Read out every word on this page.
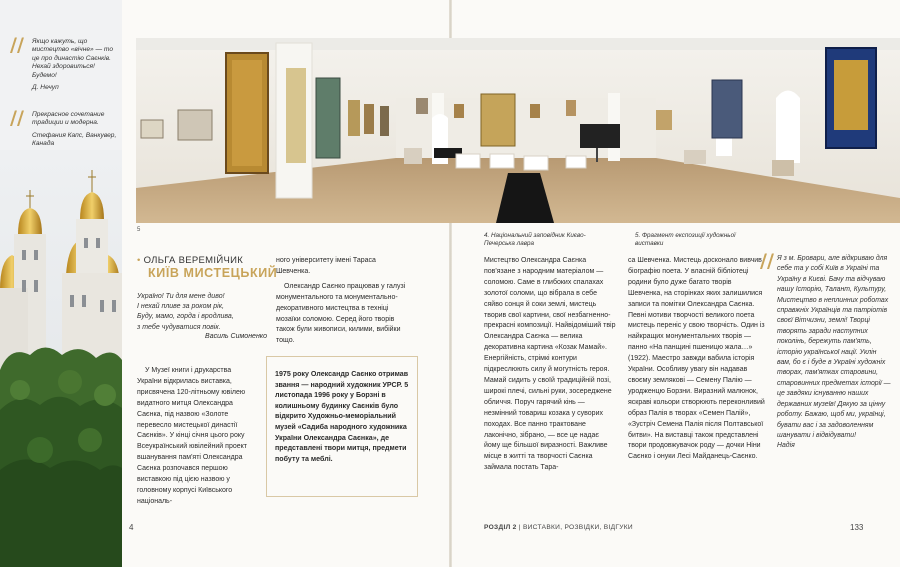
// Якщо кажуть, що мистецтво «вічне» — то це про династію Саєнків. Нехай здоровиться! Будемо!
Д. Нечуп
// Прекрасное сочетание традиции и модерна.
Стефания Капс, Ванкувер, Канада
5
4. Національний заповідник Києво-Печерська лавра
5. Фрагмент експозиції художньої виставки
• ОЛЬГА ВЕРЕМІЙЧИК
КИЇВ МИСТЕЦЬКИЙ
Україно! Ти для мене диво!
І нехай пливе за роком рік,
Буду, мамо, горда і вродлива,
з тебе чудуватися повік.
Василь Симоненко

У Музеї книги і друкарства України відкрилась виставка, присвячена 120-літньому ювілею видатного митця Олександра Саєнка, під назвою «Золоте перевесло мистецької династії Саєнків». У кінці січня цього року Всеукраїнський ювілейний проект вшанування пам'яті Олександра Саєнка розпочався першою виставкою під цією назвою у головному корпусі Київського національ-

ного університету імені Тараса Шевченка.

Олександр Саєнко працював у галузі монументального та монументально-декоративного мистецтва в техніці мозаїки соломою. Серед його творів також були живописи, килими, вибійки тощо.

1975 року Олександр Саєнко отримав звання — народний художник УРСР. 5 листопада 1996 року у Борзні в колишньому будинку Саєнків було відкрито Художньо-меморіальний музей «Садиба народного художника України Олександра Саєнка», де представлені твори митця, предмети побуту та меблі.

Мистецтво Олександра Саєнка пов'язане з народним матеріалом — соломою. Саме в глибоких спалахах золотої соломи, що вібрала в себе сяйво сонця й соки землі, мистець творив свої картини, свої незбагненно-прекрасні композиції. Найвідоміший твір Олександра Саєнка — велика декоративна картина «Козак Мамай». Енергійність, стрімкі контури підкреслюють силу й могутність героя. Мамай сидить у своїй традиційній позі, широкі плечі, сильні руки, зосереджене обличчя. Поруч гарячий кінь — незмінний товариш козака у суворих походах. Все панно трактоване лаконічно, зібрано, — все це надає йому ще більшої виразності. Важливе місце в житті та творчості Саєнка займала постать Тара-

са Шевченка. Мистець досконало вивчив біографію поета. У власній бібліотеці родини було дуже багато творів Шевченка, на сторінках яких залишилися записи та помітки Олександра Саєнка. Певні мотиви творчості великого поета мистець переніс у свою творчість. Один із найкращих монументальних творів — панно «На панщині пшеницю жала…» (1922). Маестро завжди вабила історія України. Особливу увагу він надавав своєму землякові — Семену Палію — уродженцю Борзни. Виразний малюнок, яскраві кольори створюють переконливий образ Палія в творах «Семен Палій», «Зустріч Семена Палія після Полтавської битви». На виставці також представлені твори продовжувачок роду — дочки Ніни Саєнко і онуки Лесі Майданець-Саєнко.

// Я з м. Бровари, але відкриваю для себе та у собі Київ в Україні та Україну в Києві. Бачу та відчуваю нашу Історію, Талант, Культуру, Мистецтво в неплинних роботах справжніх Українців та патріотів своєї Вітчизни, землі! Творці творять заради наступних поколінь, бережуть пам'ять, історію української нації. Уклін вам, бо є і буде в Україні художніх творах, пам'ятках старовини, старовинних предметах історії — це завдяки існуванню наших державних музеїв! Дякую за цінну роботу. Бажаю, щоб ми, українці, бувати вас і за задоволенням шанувати і відвідувати!
Надія
4	РОЗДІЛ 2 | ВИСТАВКИ, РОЗВІДКИ, ВІДГУКИ	133
